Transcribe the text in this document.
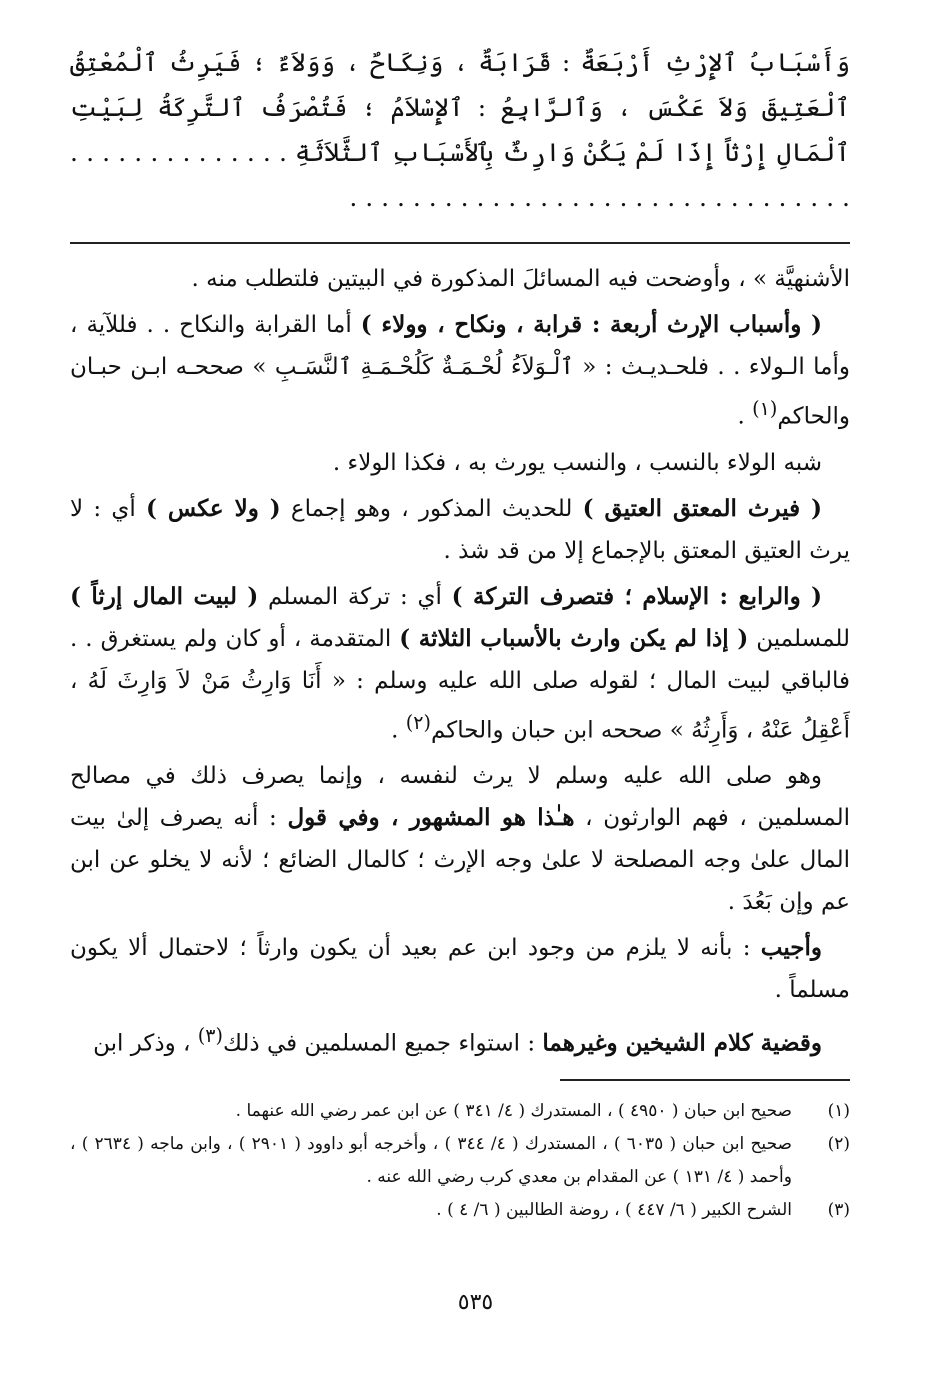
وَأَسْبَابُ ٱلإِرْثِ أَرْبَعَةٌ : قَرَابَةٌ ، وَنِكَاحٌ ، وَوَلاَءٌ ؛ فَيَرِثُ ٱلْمُعْتِقُ ٱلْعَتِيقَ وَلاَ عَكْسَ ، وَٱلرَّابِعُ : ٱلإِسْلاَمُ ؛ فَتُصْرَفُ ٱلتَّرِكَةُ لِبَيْتِ ٱلْمَالِ إِرْثاً إِذَا لَمْ يَكُنْ وَارِثٌ بِٱلأَسْبَابِ ٱلثَّلاَثَةِ . . . . . . . . . . . . . . . . . . . . . . . . . . . . . . . . . . . . . . . . . . . . . .

الأشنهيَّة » ، وأوضحت فيه المسائلَ المذكورة في البيتين فلتطلب منه .

( وأسباب الإرث أربعة : قرابة ، ونكاح ، وولاء ) أما القرابة والنكاح . . فللآية ، وأما الـولاء . . فلحـديـث : « ٱلْـوَلاَءُ لُحْـمَـةٌ كَلُحْـمَـةِ ٱلنَّسَـبِ » صححـه ابـن حبـان والحاكم$^{(١)}$ .

شبه الولاء بالنسب ، والنسب يورث به ، فكذا الولاء .

( فيرث المعتق العتيق ) للحديث المذكور ، وهو إجماع ( ولا عكس ) أي : لا يرث العتيق المعتق بالإجماع إلا من قد شذ .

( والرابع : الإسلام ؛ فتصرف التركة ) أي : تركة المسلم ( لبيت المال إرثاً ) للمسلمين ( إذا لم يكن وارث بالأسباب الثلاثة ) المتقدمة ، أو كان ولم يستغرق . . فالباقي لبيت المال ؛ لقوله صلى الله عليه وسلم : « أَنَا وَارِثُ مَنْ لاَ وَارِثَ لَهُ ، أَعْقِلُ عَنْهُ ، وَأَرِثُهُ » صححه ابن حبان والحاكم$^{(٢)}$ .

وهو صلى الله عليه وسلم لا يرث لنفسه ، وإنما يصرف ذلك في مصالح المسلمين ، فهم الوارثون ، هـٰذا هو المشهور ، وفي قول : أنه يصرف إلىٰ بيت المال علىٰ وجه المصلحة لا علىٰ وجه الإرث ؛ كالمال الضائع ؛ لأنه لا يخلو عن ابن عم وإن بَعُدَ .

وأجيب : بأنه لا يلزم من وجود ابن عم بعيد أن يكون وارثاً ؛ لاحتمال ألا يكون مسلماً .

وقضية كلام الشيخين وغيرهما : استواء جميع المسلمين في ذلك$^{(٣)}$ ، وذكر ابن

(١)
صحيح ابن حبان ( ٤٩٥٠ ) ، المستدرك ( ٤/ ٣٤١ ) عن ابن عمر رضي الله عنهما .
(٢)
صحيح ابن حبان ( ٦٠٣٥ ) ، المستدرك ( ٤/ ٣٤٤ ) ، وأخرجه أبو داوود ( ٢٩٠١ ) ، وابن ماجه ( ٢٦٣٤ ) ، وأحمد ( ٤/ ١٣١ ) عن المقدام بن معدي كرب رضي الله عنه .
(٣)
الشرح الكبير ( ٦/ ٤٤٧ ) ، روضة الطالبين ( ٦/ ٤ ) .
٥٣٥
